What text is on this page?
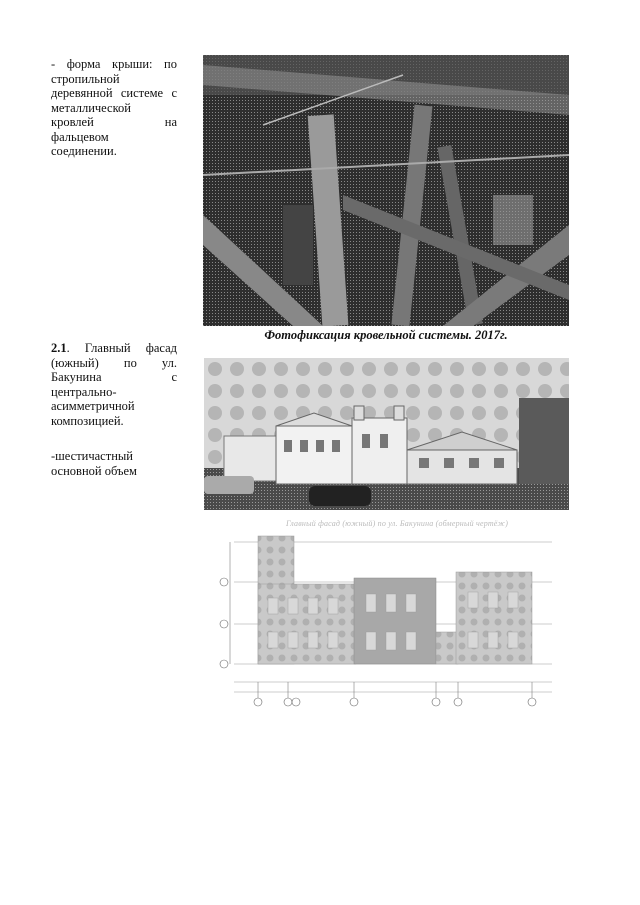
- форма крыши: по
стропильной
деревянной системе с
металлической
кровлей на
фальцевом
соединении.
Фотофиксация кровельной системы. 2017г.
2.1. Главный фасад
(южный) по ул.
Бакунина с
центрально-
асимметричной
композицией.
-шестичастный
основной объем
Главный фасад (южный) по ул. Бакунина (обмерный чертёж)
